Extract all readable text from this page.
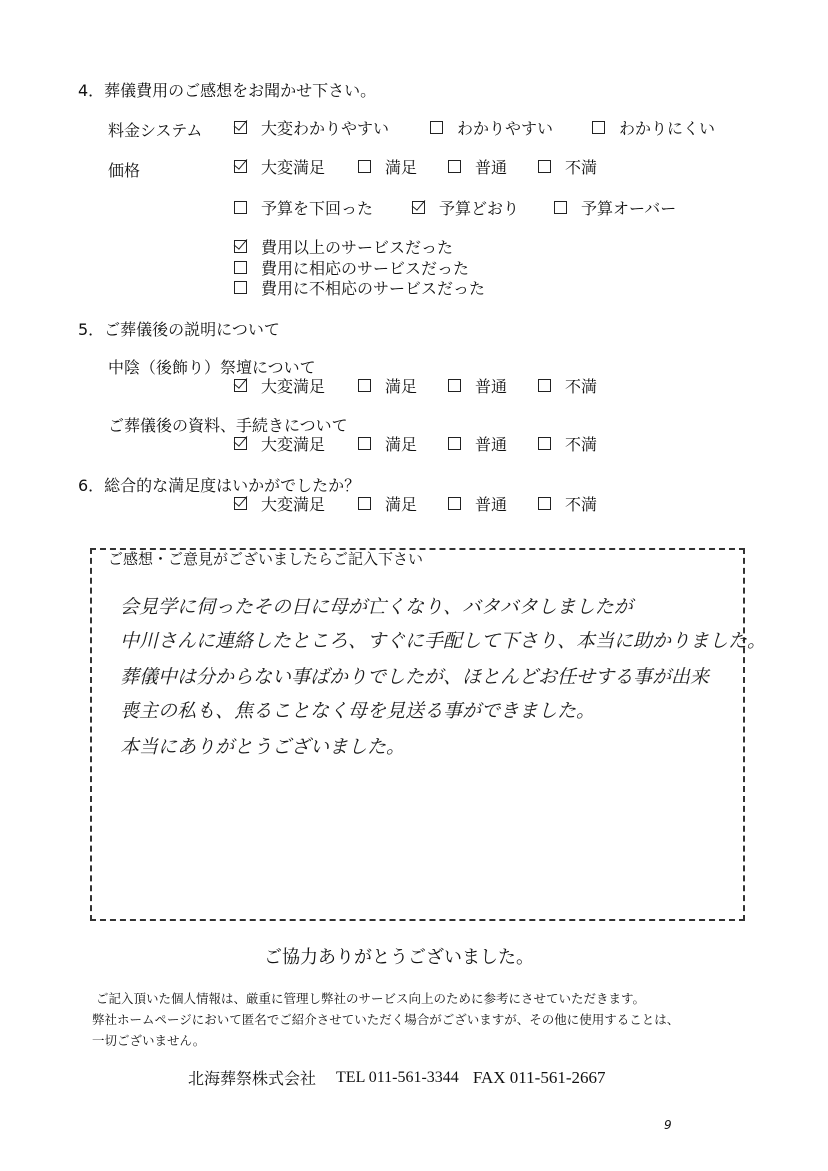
4．葬儀費用のご感想をお聞かせ下さい。
料金システム	大変わかりやすい	わかりやすい	わかりにくい
価格	大変満足	満足	普通	不満
予算を下回った	予算どおり	予算オーバー
費用以上のサービスだった
費用に相応のサービスだった
費用に不相応のサービスだった
5．ご葬儀後の説明について
中陰（後飾り）祭壇について
大変満足	満足	普通	不満
ご葬儀後の資料、手続きについて
大変満足	満足	普通	不満
6．総合的な満足度はいかがでしたか？
大変満足	満足	普通	不満
ご感想・ご意見がございましたらご記入下さい
会見学に伺ったその日に母が亡くなり、バタバタしましたが
中川さんに連絡したところ、すぐに手配して下さり、本当に助かりました。
葬儀中は分からない事ばかりでしたが、ほとんどお任せする事が出来
喪主の私も、焦ることなく母を見送る事ができました。
本当にありがとうございました。
ご協力ありがとうございました。
ご記入頂いた個人情報は、厳重に管理し弊社のサービス向上のために参考にさせていただきます。
弊社ホームページにおいて匿名でご紹介させていただく場合がございますが、その他に使用することは、
一切ございません。
北海葬祭株式会社 TEL 011-561-3344 FAX 011-561-2667
9
